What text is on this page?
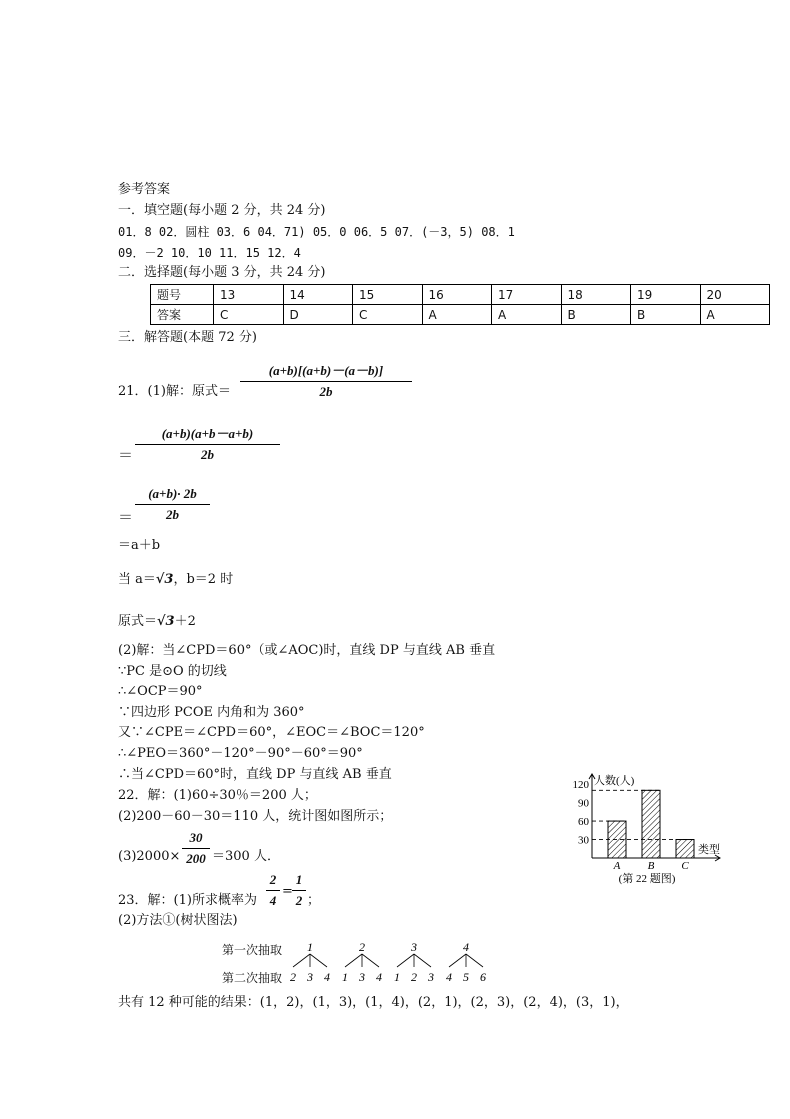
参考答案
一．填空题(每小题 2 分，共 24 分)
01．8 02．圆柱 03．6 04．71) 05．0 06．5 07．(－3，5) 08．1
09．－2 10．10 11．15 12．4
二．选择题(每小题 3 分，共 24 分)
题号	13	14	15	16	17	18	19	20
答案	C	D	C	A	A	B	B	A
三．解答题(本题 72 分)
21．(1)解：原式＝ $\frac{(a+b)[(a+b)-(a-b)]}{2b}$
＝ $\frac{(a+b)(a+b-a+b)}{2b}$
＝ $\frac{(a+b)\cdot 2b}{2b}$
＝a＋b
当 a＝√3，b＝2 时
原式＝√3＋2
(2)解：当∠CPD＝60°（或∠AOC)时，直线 DP 与直线 AB 垂直
∵PC 是⊙O 的切线
∴∠OCP＝90°
∵四边形 PCOE 内角和为 360°
又∵∠CPE＝∠CPD＝60°，∠EOC＝∠BOC＝120°
∴∠PEO＝360°－120°－90°－60°＝90°
∴当∠CPD＝60°时，直线 DP 与直线 AB 垂直
22．解：(1)60÷30％＝200 人；
(2)200－60－30＝110 人，统计图如图所示；
$(3)2000\times \frac{30}{200} =300$ 人．
23．解：(1)所求概率为 $\frac{2}{4} = \frac{1}{2}$ ；
(2)方法①(树状图法)
第一次抽取
第二次抽取
1
2 3 4
2
1 3 4
3
1 2 3
4
4 5 6
共有 12 种可能的结果：(1，2)，(1，3)，(1，4)，(2，1)，(2，3)，(2，4)，(3，1)，
人数(人)
类型
120
90
60
30
A B C
(第 22 题图)
